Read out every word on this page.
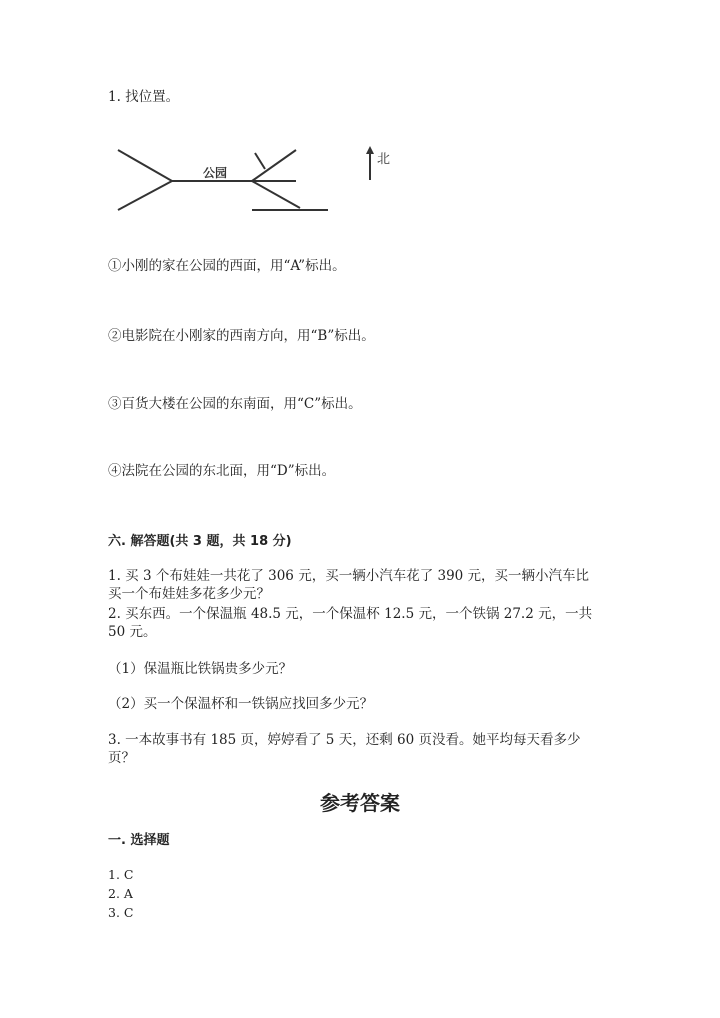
1. 找位置。
公园
北
①小刚的家在公园的西面，用“A”标出。
②电影院在小刚家的西南方向，用“B”标出。
③百货大楼在公园的东南面，用“C”标出。
④法院在公园的东北面，用“D”标出。
六. 解答题(共 3 题，共 18 分)
1. 买 3 个布娃娃一共花了 306 元，买一辆小汽车花了 390 元，买一辆小汽车比
买一个布娃娃多花多少元？
2. 买东西。一个保温瓶 48.5 元，一个保温杯 12.5 元，一个铁锅 27.2 元，一共
50 元。
（1）保温瓶比铁锅贵多少元？
（2）买一个保温杯和一铁锅应找回多少元？
3. 一本故事书有 185 页，婷婷看了 5 天，还剩 60 页没看。她平均每天看多少
页？
参考答案
一. 选择题
1. C
2. A
3. C
